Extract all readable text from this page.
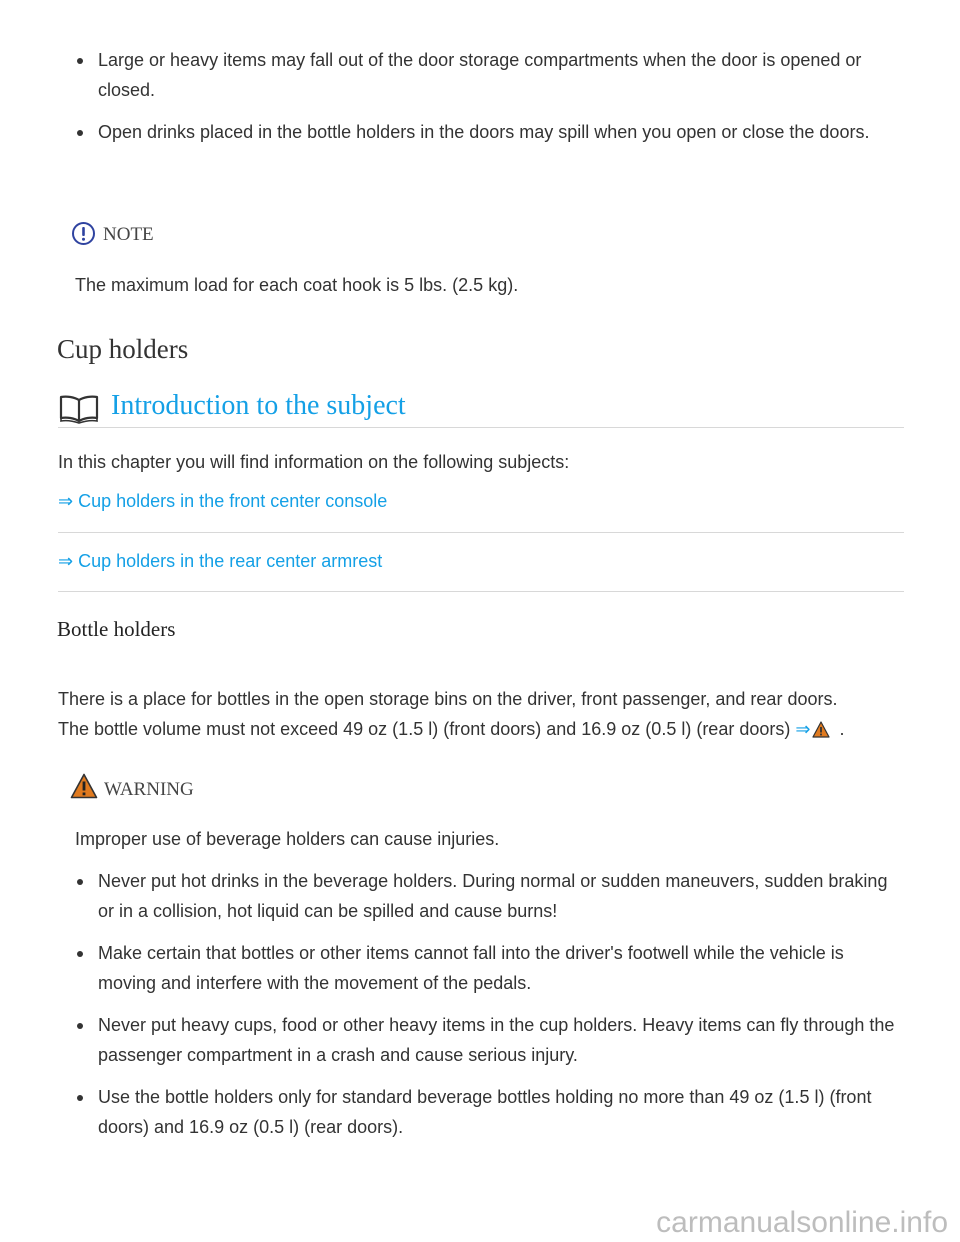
Large or heavy items may fall out of the door storage compartments when the door is opened or closed.
Open drinks placed in the bottle holders in the doors may spill when you open or close the doors.
NOTE
The maximum load for each coat hook is 5 lbs. (2.5 kg).
Cup holders
Introduction to the subject
In this chapter you will find information on the following subjects:
⇒ Cup holders in the front center console
⇒ Cup holders in the rear center armrest
Bottle holders
There is a place for bottles in the open storage bins on the driver, front passenger, and rear doors.
The bottle volume must not exceed 49 oz (1.5 l) (front doors) and 16.9 oz (0.5 l) (rear doors) ⇒ .
WARNING
Improper use of beverage holders can cause injuries.
Never put hot drinks in the beverage holders. During normal or sudden maneuvers, sudden braking or in a collision, hot liquid can be spilled and cause burns!
Make certain that bottles or other items cannot fall into the driver's footwell while the vehicle is moving and interfere with the movement of the pedals.
Never put heavy cups, food or other heavy items in the cup holders. Heavy items can fly through the passenger compartment in a crash and cause serious injury.
Use the bottle holders only for standard beverage bottles holding no more than 49 oz (1.5 l) (front doors) and 16.9 oz (0.5 l) (rear doors).
carmanualsonline.info
